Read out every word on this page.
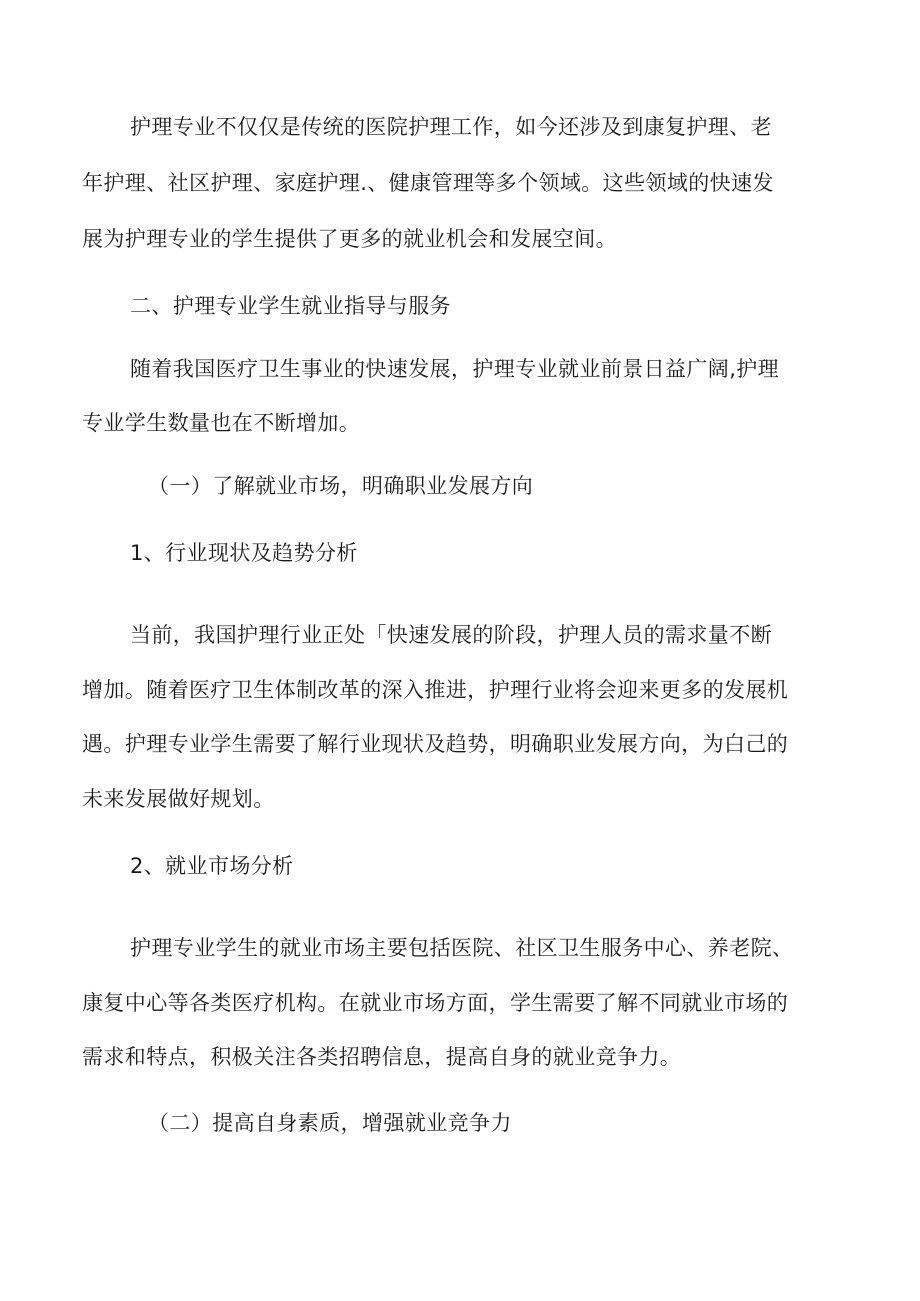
护理专业不仅仅是传统的医院护理工作，如今还涉及到康复护理、老
年护理、社区护理、家庭护理.、健康管理等多个领域。这些领域的快速发
展为护理专业的学生提供了更多的就业机会和发展空间。
二、护理专业学生就业指导与服务
随着我国医疗卫生事业的快速发展，护理专业就业前景日益广阔,护理
专业学生数量也在不断增加。
（一）了解就业市场，明确职业发展方向
1、行业现状及趋势分析
当前，我国护理行业正处「快速发展的阶段，护理人员的需求量不断
增加。随着医疗卫生体制改革的深入推进，护理行业将会迎来更多的发展机
遇。护理专业学生需要了解行业现状及趋势，明确职业发展方向，为白己的
未来发展做好规划。
2、就业市场分析
护理专业学生的就业市场主要包括医院、社区卫生服务中心、养老院、
康复中心等各类医疗机构。在就业市场方面，学生需要了解不同就业市场的
需求和特点，积极关注各类招聘信息，提高自身的就业竞争力。
（二）提高自身素质，增强就业竞争力
